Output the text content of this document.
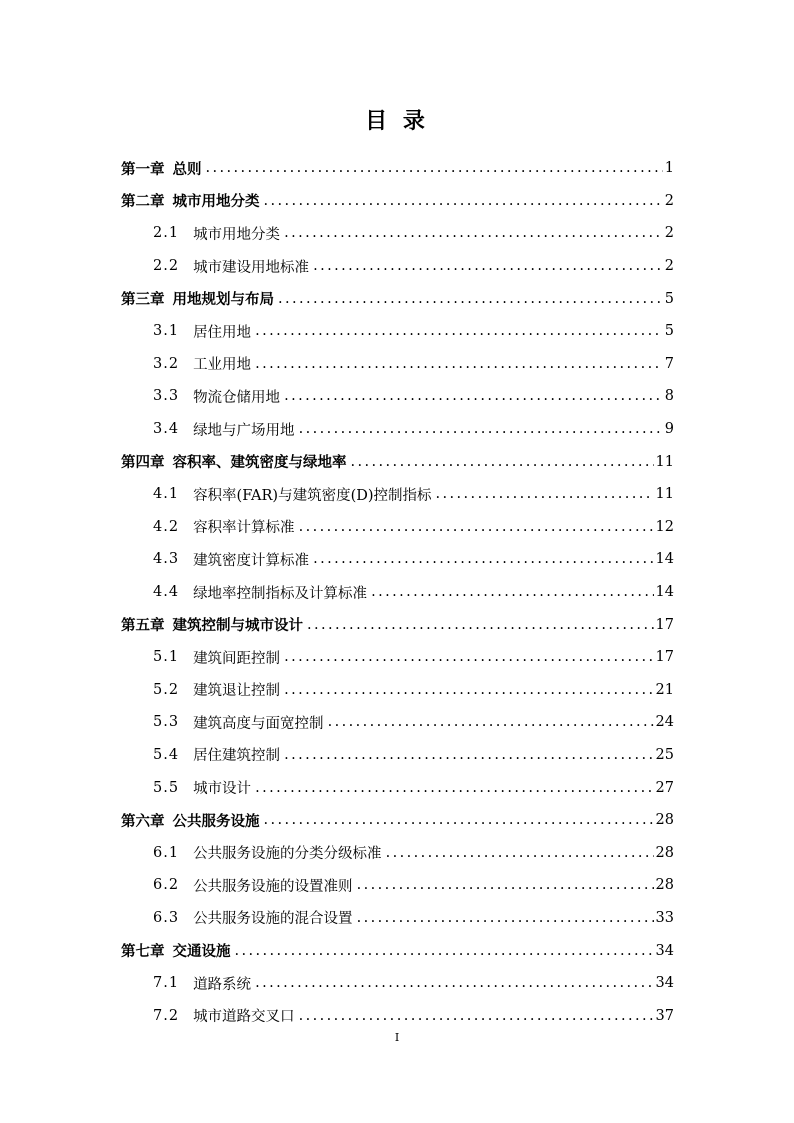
目 录
第一章 总则 .....	1
第二章 城市用地分类 .....	2
2.1 城市用地分类 .....	2
2.2 城市建设用地标准 .....	2
第三章 用地规划与布局 .....	5
3.1 居住用地 .....	5
3.2 工业用地 .....	7
3.3 物流仓储用地 .....	8
3.4 绿地与广场用地 .....	9
第四章 容积率、建筑密度与绿地率 .....	11
4.1 容积率(FAR)与建筑密度(D)控制指标 .....	11
4.2 容积率计算标准 .....	12
4.3 建筑密度计算标准 .....	14
4.4 绿地率控制指标及计算标准 .....	14
第五章 建筑控制与城市设计 .....	17
5.1 建筑间距控制 .....	17
5.2 建筑退让控制 .....	21
5.3 建筑高度与面宽控制 .....	24
5.4 居住建筑控制 .....	25
5.5 城市设计 .....	27
第六章 公共服务设施 .....	28
6.1 公共服务设施的分类分级标准 .....	28
6.2 公共服务设施的设置准则 .....	28
6.3 公共服务设施的混合设置 .....	33
第七章 交通设施 .....	34
7.1 道路系统 .....	34
7.2 城市道路交叉口 .....	37
I
